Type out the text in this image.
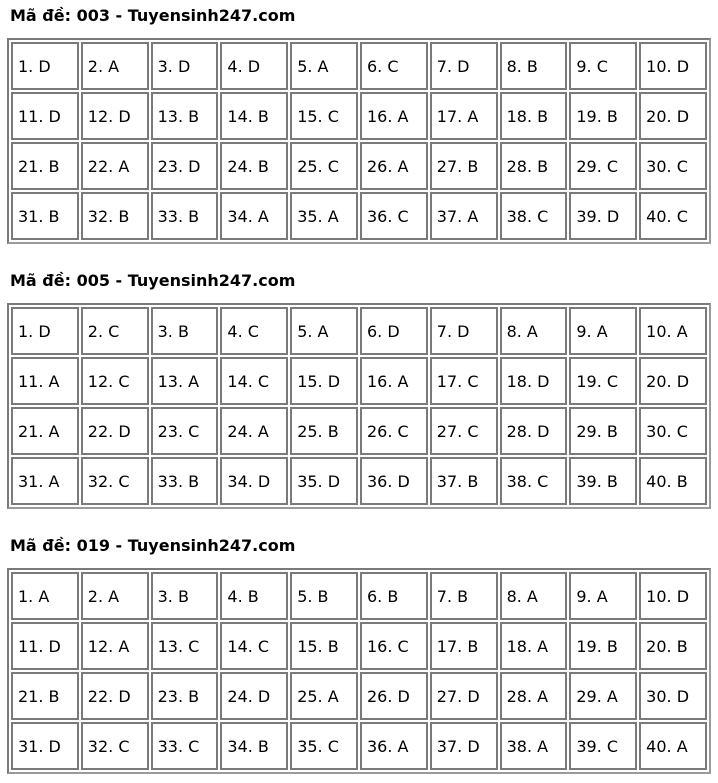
Mã đề: 003 - Tuyensinh247.com
1. D	2. A	3. D	4. D	5. A	6. C	7. D	8. B	9. C	10. D
11. D	12. D	13. B	14. B	15. C	16. A	17. A	18. B	19. B	20. D
21. B	22. A	23. D	24. B	25. C	26. A	27. B	28. B	29. C	30. C
31. B	32. B	33. B	34. A	35. A	36. C	37. A	38. C	39. D	40. C
Mã đề: 005 - Tuyensinh247.com
1. D	2. C	3. B	4. C	5. A	6. D	7. D	8. A	9. A	10. A
11. A	12. C	13. A	14. C	15. D	16. A	17. C	18. D	19. C	20. D
21. A	22. D	23. C	24. A	25. B	26. C	27. C	28. D	29. B	30. C
31. A	32. C	33. B	34. D	35. D	36. D	37. B	38. C	39. B	40. B
Mã đề: 019 - Tuyensinh247.com
1. A	2. A	3. B	4. B	5. B	6. B	7. B	8. A	9. A	10. D
11. D	12. A	13. C	14. C	15. B	16. C	17. B	18. A	19. B	20. B
21. B	22. D	23. B	24. D	25. A	26. D	27. D	28. A	29. A	30. D
31. D	32. C	33. C	34. B	35. C	36. A	37. D	38. A	39. C	40. A
